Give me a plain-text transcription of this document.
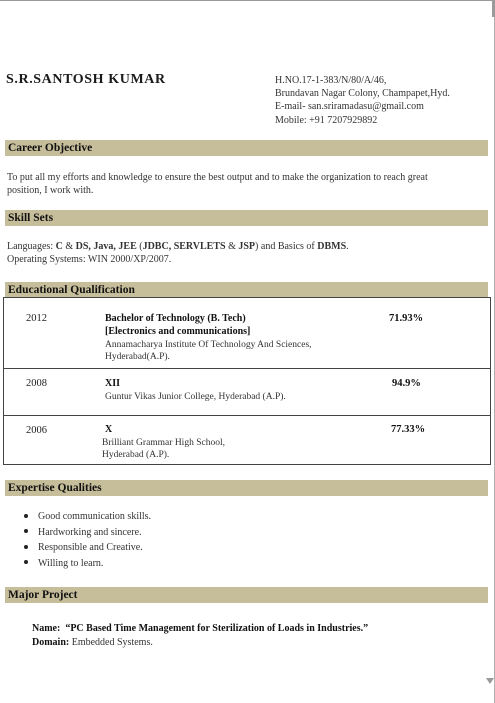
S.R.SANTOSH KUMAR	H.NO.17-1-383/N/80/A/46,
Brundavan Nagar Colony, Champapet,Hyd.
E-mail- san.sriramadasu@gmail.com
Mobile: +91 7207929892
Career Objective
To put all my efforts and knowledge to ensure the best output and to make the organization to reach great
position, I work with.
Skill Sets
Languages: C & DS, Java, JEE (JDBC, SERVLETS & JSP) and Basics of DBMS.
Operating Systems: WIN 2000/XP/2007.
Educational Qualification
2012	Bachelor of Technology (B. Tech)
[Electronics and communications]
Annamacharya Institute Of Technology And Sciences,
Hyderabad(A.P).
71.93%
2008	XII
Guntur Vikas Junior College, Hyderabad (A.P).
94.9%
2006	X
Brilliant Grammar High School,
Hyderabad (A.P).
77.33%
Expertise Qualities
Good communication skills.
Hardworking and sincere.
Responsible and Creative.
Willing to learn.
Major Project
Name: “PC Based Time Management for Sterilization of Loads in Industries.”
Domain: Embedded Systems.
